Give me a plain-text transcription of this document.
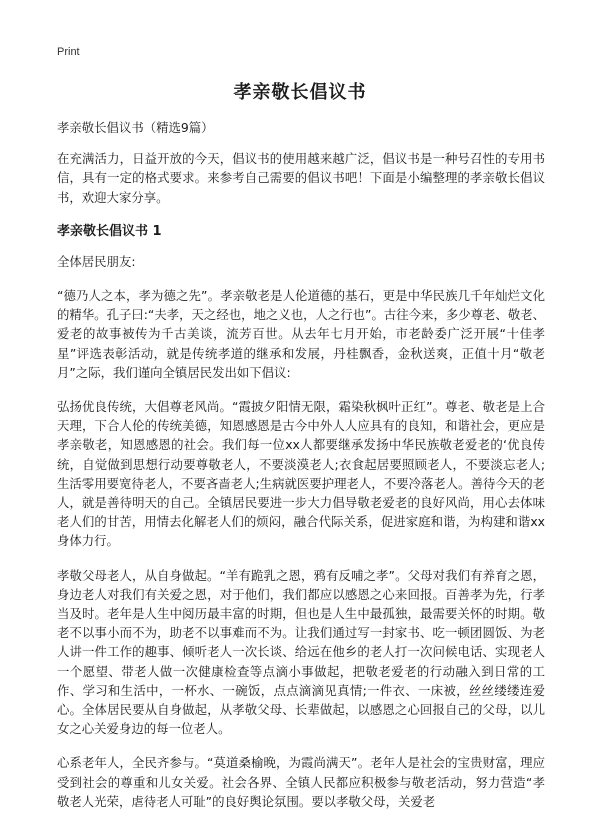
Print
孝亲敬长倡议书

孝亲敬长倡议书（精选9篇）

在充满活力，日益开放的今天，倡议书的使用越来越广泛，倡议书是一种号召性的专用书信，具有一定的格式要求。来参考自己需要的倡议书吧！下面是小编整理的孝亲敬长倡议书，欢迎大家分享。

孝亲敬长倡议书 1

全体居民朋友:

“德乃人之本，孝为德之先”。孝亲敬老是人伦道德的基石，更是中华民族几千年灿烂文化的精华。孔子曰:“夫孝，天之经也，地之义也，人之行也”。古往今来，多少尊老、敬老、爱老的故事被传为千古美谈，流芳百世。从去年七月开始，市老龄委广泛开展“十佳孝星”评选表彰活动，就是传统孝道的继承和发展，丹桂飘香，金秋送爽，正值十月“敬老月”之际，我们谨向全镇居民发出如下倡议:

弘扬优良传统，大倡尊老风尚。“霞披夕阳情无限，霜染秋枫叶正红”。尊老、敬老是上合天理，下合人伦的传统美德，知恩感恩是古今中外人人应具有的良知，和谐社会，更应是孝亲敬老，知恩感恩的社会。我们每一位xx人都要继承发扬中华民族敬老爱老的‘优良传统，自觉做到思想行动要尊敬老人，不要淡漠老人;衣食起居要照顾老人，不要淡忘老人;生活零用要宽待老人，不要吝啬老人;生病就医要护理老人，不要冷落老人。善待今天的老人，就是善待明天的自己。全镇居民要进一步大力倡导敬老爱老的良好风尚，用心去体味老人们的甘苦，用情去化解老人们的烦闷，融合代际关系，促进家庭和谐，为构建和谐xx身体力行。

孝敬父母老人，从自身做起。“羊有跪乳之恩，鸦有反哺之孝”。父母对我们有养育之恩，身边老人对我们有关爱之恩，对于他们，我们都应以感恩之心来回报。百善孝为先，行孝当及时。老年是人生中阅历最丰富的时期，但也是人生中最孤独，最需要关怀的时期。敬老不以事小而不为，助老不以事难而不为。让我们通过写一封家书、吃一顿团圆饭、为老人讲一件工作的趣事、倾听老人一次长谈、给远在他乡的老人打一次问候电话、实现老人一个愿望、带老人做一次健康检查等点滴小事做起，把敬老爱老的行动融入到日常的工作、学习和生活中，一杯水、一碗饭，点点滴滴见真情;一件衣、一床被，丝丝缕缕连爱心。全体居民要从自身做起，从孝敬父母、长辈做起，以感恩之心回报自己的父母，以儿女之心关爱身边的每一位老人。

心系老年人，全民齐参与。“莫道桑榆晚，为霞尚满天”。老年人是社会的宝贵财富，理应受到社会的尊重和儿女关爱。社会各界、全镇人民都应积极参与敬老活动，努力营造“孝敬老人光荣，虐待老人可耻”的良好舆论氛围。要以孝敬父母，关爱老
